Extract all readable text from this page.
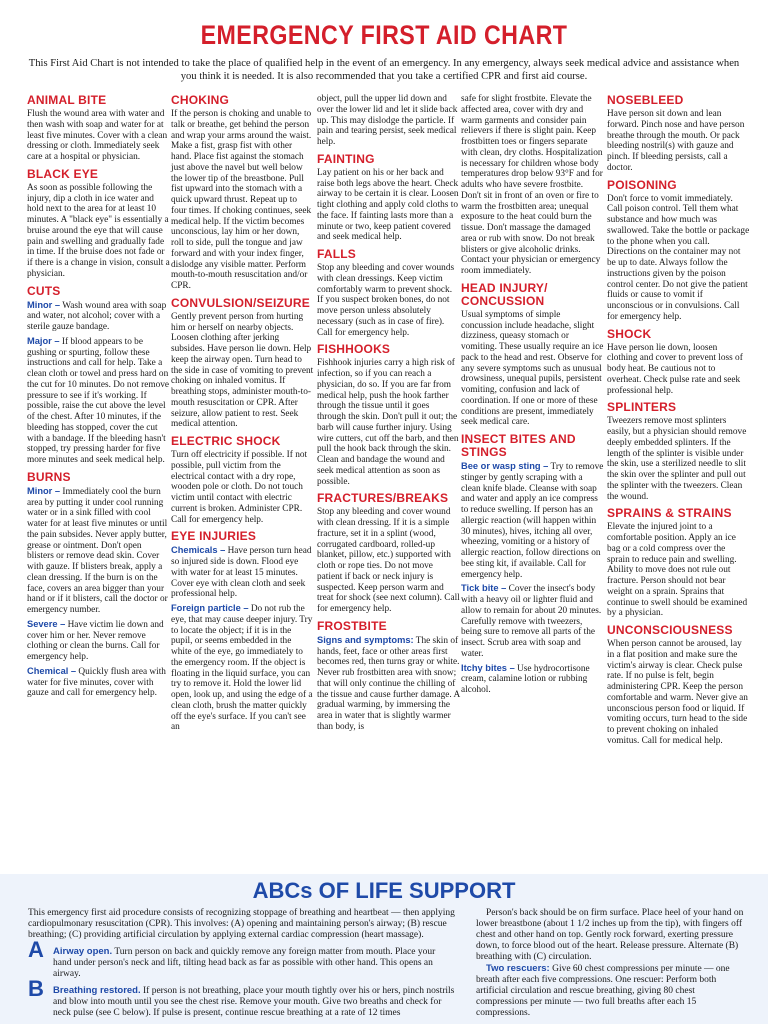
EMERGENCY FIRST AID CHART
This First Aid Chart is not intended to take the place of qualified help in the event of an emergency. In any emergency, always seek medical advice and assistance when you think it is needed. It is also recommended that you take a certified CPR and first aid course.
ANIMAL BITE

Flush the wound area with water and then wash with soap and water for at least five minutes. Cover with a clean dressing or cloth. Immediately seek care at a hospital or physician.

BLACK EYE

As soon as possible following the injury, dip a cloth in ice water and hold next to the area for at least 10 minutes. A "black eye" is essentially a bruise around the eye that will cause pain and swelling and gradually fade in time. If the bruise does not fade or if there is a change in vision, consult a physician.

CUTS

Minor – Wash wound area with soap and water, not alcohol; cover with a sterile gauze bandage.

Major – If blood appears to be gushing or spurting, follow these instructions and call for help. Take a clean cloth or towel and press hard on the cut for 10 minutes. Do not remove pressure to see if it's working. If possible, raise the cut above the level of the chest. After 10 minutes, if the bleeding has stopped, cover the cut with a bandage. If the bleeding hasn't stopped, try pressing harder for five more minutes and seek medical help.

BURNS

Minor – Immediately cool the burn area by putting it under cool running water or in a sink filled with cool water for at least five minutes or until the pain subsides. Never apply butter, grease or ointment. Don't open blisters or remove dead skin. Cover with gauze. If blisters break, apply a clean dressing. If the burn is on the face, covers an area bigger than your hand or if it blisters, call the doctor or emergency number.

Severe – Have victim lie down and cover him or her. Never remove clothing or clean the burns. Call for emergency help.

Chemical – Quickly flush area with water for five minutes, cover with gauze and call for emergency help.

CHOKING

If the person is choking and unable to talk or breathe, get behind the person and wrap your arms around the waist. Make a fist, grasp fist with other hand. Place fist against the stomach just above the navel but well below the lower tip of the breastbone. Pull fist upward into the stomach with a quick upward thrust. Repeat up to four times. If choking continues, seek medical help. If the victim becomes unconscious, lay him or her down, roll to side, pull the tongue and jaw forward and with your index finger, dislodge any visible matter. Perform mouth-to-mouth resuscitation and/or CPR.

CONVULSION/SEIZURE

Gently prevent person from hurting him or herself on nearby objects. Loosen clothing after jerking subsides. Have person lie down. Help keep the airway open. Turn head to the side in case of vomiting to prevent choking on inhaled vomitus. If breathing stops, administer mouth-to-mouth resuscitation or CPR. After seizure, allow patient to rest. Seek medical attention.

ELECTRIC SHOCK

Turn off electricity if possible. If not possible, pull victim from the electrical contact with a dry rope, wooden pole or cloth. Do not touch victim until contact with electric current is broken. Administer CPR. Call for emergency help.

EYE INJURIES

Chemicals – Have person turn head so injured side is down. Flood eye with water for at least 15 minutes. Cover eye with clean cloth and seek professional help.

Foreign particle – Do not rub the eye, that may cause deeper injury. Try to locate the object; if it is in the pupil, or seems embedded in the white of the eye, go immediately to the emergency room. If the object is floating in the liquid surface, you can try to remove it. Hold the lower lid open, look up, and using the edge of a clean cloth, brush the matter quickly off the eye's surface. If you can't see an

object, pull the upper lid down and over the lower lid and let it slide back up. This may dislodge the particle. If pain and tearing persist, seek medical help.

FAINTING

Lay patient on his or her back and raise both legs above the heart. Check airway to be certain it is clear. Loosen tight clothing and apply cold cloths to the face. If fainting lasts more than a minute or two, keep patient covered and seek medical help.

FALLS

Stop any bleeding and cover wounds with clean dressings. Keep victim comfortably warm to prevent shock. If you suspect broken bones, do not move person unless absolutely necessary (such as in case of fire). Call for emergency help.

FISHHOOKS

Fishhook injuries carry a high risk of infection, so if you can reach a physician, do so. If you are far from medical help, push the hook farther through the tissue until it goes through the skin. Don't pull it out; the barb will cause further injury. Using wire cutters, cut off the barb, and then pull the hook back through the skin. Clean and bandage the wound and seek medical attention as soon as possible.

FRACTURES/BREAKS

Stop any bleeding and cover wound with clean dressing. If it is a simple fracture, set it in a splint (wood, corrugated cardboard, rolled-up blanket, pillow, etc.) supported with cloth or rope ties. Do not move patient if back or neck injury is suspected. Keep person warm and treat for shock (see next column). Call for emergency help.

FROSTBITE

Signs and symptoms: The skin of hands, feet, face or other areas first becomes red, then turns gray or white. Never rub frostbitten area with snow; that will only continue the chilling of the tissue and cause further damage. A gradual warming, by immersing the area in water that is slightly warmer than body, is

safe for slight frostbite. Elevate the affected area, cover with dry and warm garments and consider pain relievers if there is slight pain. Keep frostbitten toes or fingers separate with clean, dry cloths. Hospitalization is necessary for children whose body temperatures drop below 93°F and for adults who have severe frostbite. Don't sit in front of an oven or fire to warm the frostbitten area; unequal exposure to the heat could burn the tissue. Don't massage the damaged area or rub with snow. Do not break blisters or give alcoholic drinks. Contact your physician or emergency room immediately.

HEAD INJURY/ CONCUSSION

Usual symptoms of simple concussion include headache, slight dizziness, queasy stomach or vomiting. These usually require an ice pack to the head and rest. Observe for any severe symptoms such as unusual drowsiness, unequal pupils, persistent vomiting, confusion and lack of coordination. If one or more of these conditions are present, immediately seek medical care.

INSECT BITES AND STINGS

Bee or wasp sting – Try to remove stinger by gently scraping with a clean knife blade. Cleanse with soap and water and apply an ice compress to reduce swelling. If person has an allergic reaction (will happen within 30 minutes), hives, itching all over, wheezing, vomiting or a history of allergic reaction, follow directions on bee sting kit, if available. Call for emergency help.

Tick bite – Cover the insect's body with a heavy oil or lighter fluid and allow to remain for about 20 minutes. Carefully remove with tweezers, being sure to remove all parts of the insect. Scrub area with soap and water.

Itchy bites – Use hydrocortisone cream, calamine lotion or rubbing alcohol.

NOSEBLEED

Have person sit down and lean forward. Pinch nose and have person breathe through the mouth. Or pack bleeding nostril(s) with gauze and pinch. If bleeding persists, call a doctor.

POISONING

Don't force to vomit immediately. Call poison control. Tell them what substance and how much was swallowed. Take the bottle or package to the phone when you call. Directions on the container may not be up to date. Always follow the instructions given by the poison control center. Do not give the patient fluids or cause to vomit if unconscious or in convulsions. Call for emergency help.

SHOCK

Have person lie down, loosen clothing and cover to prevent loss of body heat. Be cautious not to overheat. Check pulse rate and seek professional help.

SPLINTERS

Tweezers remove most splinters easily, but a physician should remove deeply embedded splinters. If the length of the splinter is visible under the skin, use a sterilized needle to slit the skin over the splinter and pull out the splinter with the tweezers. Clean the wound.

SPRAINS & STRAINS

Elevate the injured joint to a comfortable position. Apply an ice bag or a cold compress over the sprain to reduce pain and swelling. Ability to move does not rule out fracture. Person should not bear weight on a sprain. Sprains that continue to swell should be examined by a physician.

UNCONSCIOUSNESS

When person cannot be aroused, lay in a flat position and make sure the victim's airway is clear. Check pulse rate. If no pulse is felt, begin administering CPR. Keep the person comfortable and warm. Never give an unconscious person food or liquid. If vomiting occurs, turn head to the side to prevent choking on inhaled vomitus. Call for medical help.

ABCs OF LIFE SUPPORT

This emergency first aid procedure consists of recognizing stoppage of breathing and heartbeat — then applying cardiopulmonary resuscitation (CPR). This involves: (A) opening and maintaining person's airway; (B) rescue breathing; (C) providing artificial circulation by applying external cardiac compression (heart massage).

A Airway open. Turn person on back and quickly remove any foreign matter from mouth. Place your hand under person's neck and lift, tilting head back as far as possible with other hand. This opens an airway.
B Breathing restored. If person is not breathing, place your mouth tightly over his or hers, pinch nostrils and blow into mouth until you see the chest rise. Remove your mouth. Give two breaths and check for neck pulse (see C below). If pulse is present, continue rescue breathing at a rate of 12 times

Person's back should be on firm surface. Place heel of your hand on lower breastbone (about 1 1/2 inches up from the tip), with fingers off chest and other hand on top. Gently rock forward, exerting pressure down, to force blood out of the heart. Release pressure. Alternate (B) breathing with (C) circulation.

Two rescuers: Give 60 chest compressions per minute — one breath after each five compressions. One rescuer: Perform both artificial circulation and rescue breathing, giving 80 chest compressions per minute — two full breaths after each 15 compressions.
